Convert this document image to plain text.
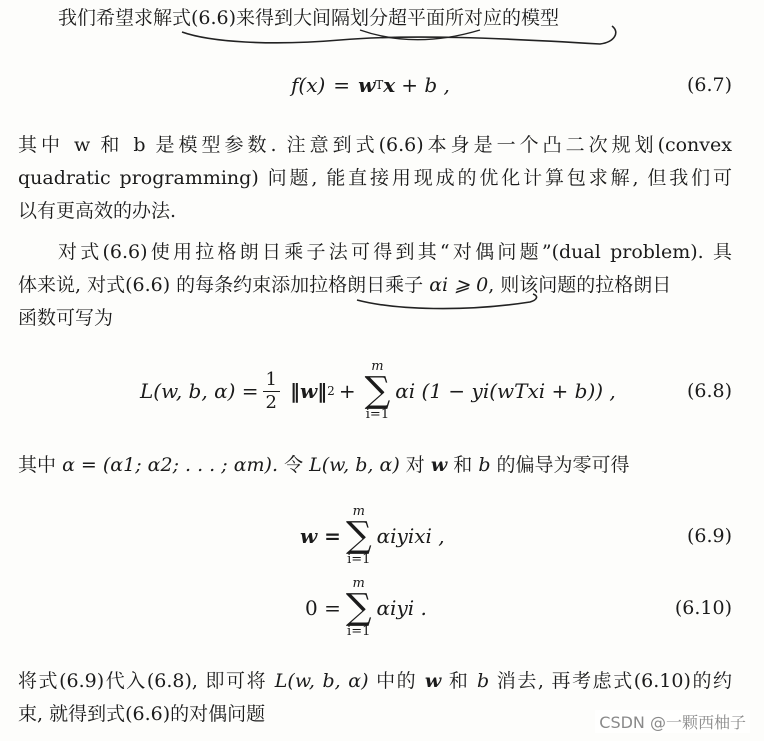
我们希望求解式(6.6)来得到大间隔划分超平面所对应的模型

f(x) = w T x + b ,	(6.7)

其中 w 和 b 是模型参数. 注意到式(6.6)本身是一个凸二次规划(convex
quadratic programming) 问题, 能直接用现成的优化计算包求解, 但我们可
以有更高效的办法.

对式(6.6)使用拉格朗日乘子法可得到其“对偶问题”(dual problem). 具
体来说, 对式(6.6) 的每条约束添加拉格朗日乘子 αi ⩾ 0, 则该问题的拉格朗日
函数可写为

L(w, b, $\alpha) = \frac{1}{2}$ ‖w‖ 2 +
m
∑
i=1
αi (1 − yi(wTxi + b)) ,	(6.8)

其中 α = (α1; α2; . . . ; αm). 令 L(w, b, α) 对 w 和 b 的偏导为零可得

w =
m
∑
i=1
αiyixi ,	(6.9)
0 =
m
∑
i=1
αiyi .	(6.10)

将式(6.9)代入(6.8), 即可将 L(w, b, α) 中的 w 和 b 消去, 再考虑式(6.10)的约
束, 就得到式(6.6)的对偶问题	CSDN @一颗西柚子
